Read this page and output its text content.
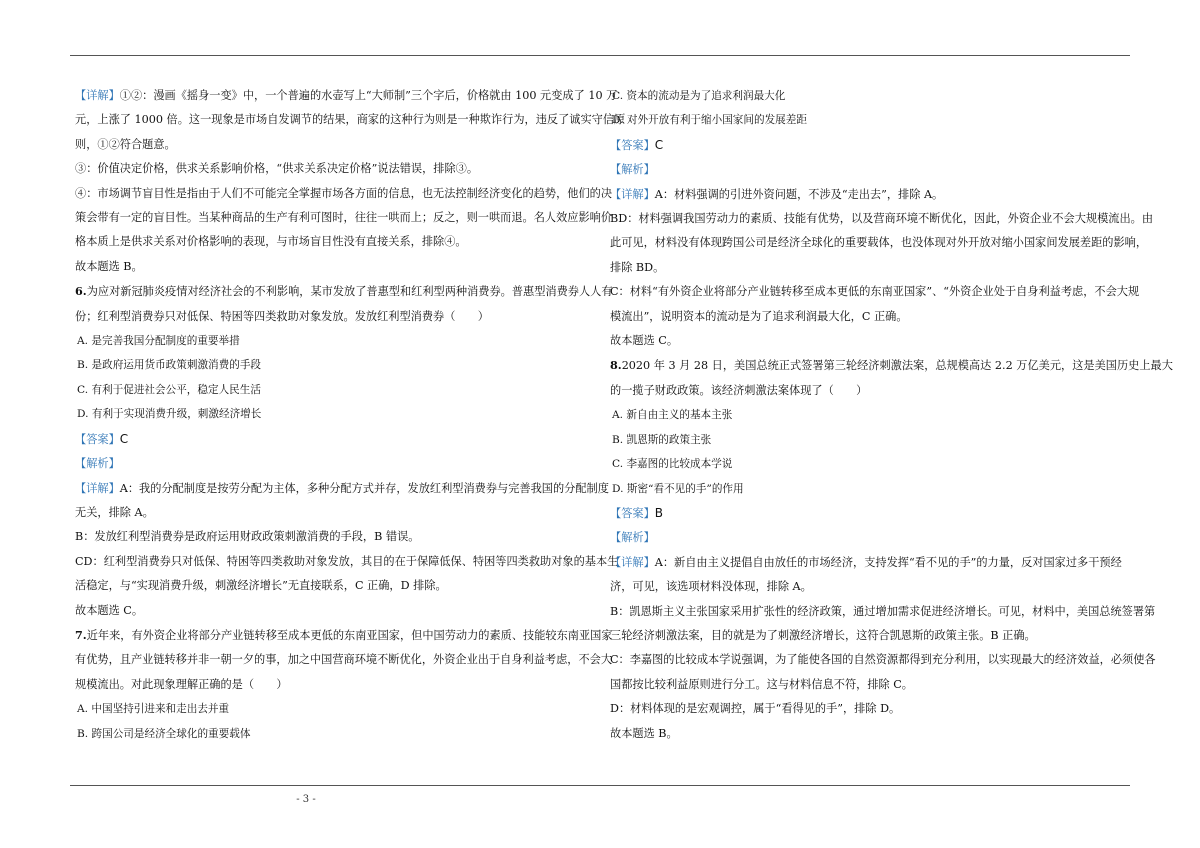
【详解】①②：漫画《摇身一变》中，一个普遍的水壶写上“大师制”三个字后，价格就由 100 元变成了 10 万

元，上涨了 1000 倍。这一现象是市场自发调节的结果，商家的这种行为则是一种欺诈行为，违反了诚实守信原

则，①②符合题意。

③：价值决定价格，供求关系影响价格，“供求关系决定价格”说法错误，排除③。

④：市场调节盲目性是指由于人们不可能完全掌握市场各方面的信息，也无法控制经济变化的趋势，他们的决

策会带有一定的盲目性。当某种商品的生产有利可图时，往往一哄而上；反之，则一哄而退。名人效应影响价

格本质上是供求关系对价格影响的表现，与市场盲目性没有直接关系，排除④。

故本题选 B。

6.为应对新冠肺炎疫情对经济社会的不利影响，某市发放了普惠型和红利型两种消费券。普惠型消费券人人有

份；红利型消费券只对低保、特困等四类救助对象发放。发放红利型消费券（　　）

A. 是完善我国分配制度的重要举措

B. 是政府运用货币政策刺激消费的手段

C. 有利于促进社会公平，稳定人民生活

D. 有利于实现消费升级，刺激经济增长

【答案】C

【解析】

【详解】A：我的分配制度是按劳分配为主体，多种分配方式并存，发放红利型消费券与完善我国的分配制度

无关，排除 A。

B：发放红利型消费券是政府运用财政政策刺激消费的手段，B 错误。

CD：红利型消费券只对低保、特困等四类救助对象发放，其目的在于保障低保、特困等四类救助对象的基本生

活稳定，与“实现消费升级，刺激经济增长”无直接联系，C 正确，D 排除。

故本题选 C。

7.近年来，有外资企业将部分产业链转移至成本更低的东南亚国家，但中国劳动力的素质、技能较东南亚国家

有优势，且产业链转移并非一朝一夕的事，加之中国营商环境不断优化，外资企业出于自身利益考虑，不会大

规模流出。对此现象理解正确的是（　　）

A. 中国坚持引进来和走出去并重

B. 跨国公司是经济全球化的重要载体

C. 资本的流动是为了追求利润最大化

D. 对外开放有利于缩小国家间的发展差距

【答案】C

【解析】

【详解】A：材料强调的引进外资问题，不涉及“走出去”，排除 A。

BD：材料强调我国劳动力的素质、技能有优势，以及营商环境不断优化，因此，外资企业不会大规模流出。由

此可见，材料没有体现跨国公司是经济全球化的重要载体，也没体现对外开放对缩小国家间发展差距的影响，

排除 BD。

C：材料“有外资企业将部分产业链转移至成本更低的东南亚国家”、“外资企业处于自身利益考虑，不会大规

模流出”，说明资本的流动是为了追求利润最大化，C 正确。

故本题选 C。

8.2020 年 3 月 28 日，美国总统正式签署第三轮经济刺激法案，总规模高达 2.2 万亿美元，这是美国历史上最大

的一揽子财政政策。该经济刺激法案体现了（　　）

A. 新自由主义的基本主张

B. 凯恩斯的政策主张

C. 李嘉图的比较成本学说

D. 斯密“看不见的手”的作用

【答案】B

【解析】

【详解】A：新自由主义提倡自由放任的市场经济，支持发挥“看不见的手”的力量，反对国家过多干预经

济，可见，该选项材料没体现，排除 A。

B：凯恩斯主义主张国家采用扩张性的经济政策，通过增加需求促进经济增长。可见，材料中，美国总统签署第

三轮经济刺激法案，目的就是为了刺激经济增长，这符合凯恩斯的政策主张。B 正确。

C：李嘉图的比较成本学说强调，为了能使各国的自然资源都得到充分利用，以实现最大的经济效益，必须使各

国都按比较利益原则进行分工。这与材料信息不符，排除 C。

D：材料体现的是宏观调控，属于“看得见的手”，排除 D。

故本题选 B。

- 3 -
